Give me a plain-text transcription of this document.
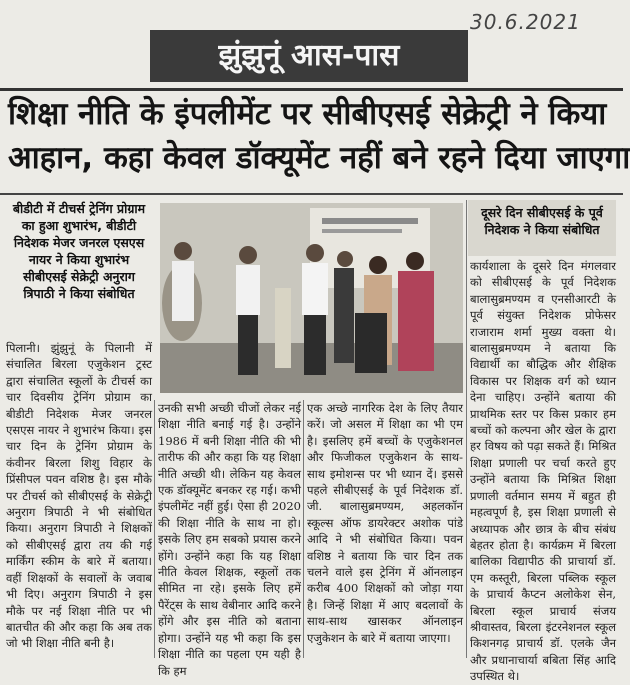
30.6.2021
झुंझुनूं आस-पास
शिक्षा नीति के इंपलीमेंट पर सीबीएसई सेक्रेट्री ने किया
आहान, कहा केवल डॉक्यूमेंट नहीं बने रहने दिया जाएगा
बीडीटी में टीचर्स ट्रेनिंग प्रोग्राम का हुआ शुभारंभ, बीडीटी निदेशक मेजर जनरल एसएस नायर ने किया शुभारंभ सीबीएसई सेक्रेट्री अनुराग त्रिपाठी ने किया संबोधित
दूसरे दिन सीबीएसई के पूर्व निदेशक ने किया संबोधित
पिलानी। झुंझुनूं के पिलानी में संचालित बिरला एजुकेशन ट्रस्ट द्वारा संचालित स्कूलों के टीचर्स का चार दिवसीय ट्रेनिंग प्रोग्राम का बीडीटी निदेशक मेजर जनरल एसएस नायर ने शुभारंभ किया। इस चार दिन के ट्रेनिंग प्रोग्राम के कंवीनर बिरला शिशु विहार के प्रिंसीपल पवन वशिष्ठ है। इस मौके पर टीचर्स को सीबीएसई के सेक्रेट्री अनुराग त्रिपाठी ने भी संबोधित किया। अनुराग त्रिपाठी ने शिक्षकों को सीबीएसई द्वारा तय की गई मार्किंग स्कीम के बारे में बताया। वहीं शिक्षकों के सवालों के जवाब भी दिए। अनुराग त्रिपाठी ने इस मौके पर नई शिक्षा नीति पर भी बातचीत की और कहा कि अब तक जो भी शिक्षा नीति बनी है।
उनकी सभी अच्छी चीजों लेकर नई शिक्षा नीति बनाई गई है। उन्होंने 1986 में बनी शिक्षा नीति की भी तारीफ की और कहा कि यह शिक्षा नीति अच्छी थी। लेकिन यह केवल एक डॉक्यूमेंट बनकर रह गई। कभी इंपलीमेंट नहीं हुई। ऐसा ही 2020 की शिक्षा नीति के साथ ना हो। इसके लिए हम सबको प्रयास करने होंगे। उन्होंने कहा कि यह शिक्षा नीति केवल शिक्षक, स्कूलों तक सीमित ना रहे। इसके लिए हमें पैरेंट्स के साथ वेबीनार आदि करने होंगे और इस नीति को बताना होगा। उन्होंने यह भी कहा कि इस शिक्षा नीति का पहला एम यही है कि हम
एक अच्छे नागरिक देश के लिए तैयार करें। जो असल में शिक्षा का भी एम है। इसलिए हमें बच्चों के एजुकेशनल और फिजीकल एजुकेशन के साथ-साथ इमोशन्स पर भी ध्यान दें। इससे पहले सीबीएसई के पूर्व निदेशक डॉ. जी. बालासुब्रमण्यम, अहलकॉन स्कूल्स ऑफ डायरेक्टर अशोक पांडे आदि ने भी संबोधित किया। पवन वशिष्ठ ने बताया कि चार दिन तक चलने वाले इस ट्रेनिंग में ऑनलाइन करीब 400 शिक्षकों को जोड़ा गया है। जिन्हें शिक्षा में आए बदलावों के साथ-साथ खासकर ऑनलाइन एजुकेशन के बारे में बताया जाएगा।
कार्यशाला के दूसरे दिन मंगलवार को सीबीएसई के पूर्व निदेशक बालासुब्रमण्यम व एनसीआरटी के पूर्व संयुक्त निदेशक प्रोफेसर राजाराम शर्मा मुख्य वक्ता थे। बालासुब्रमण्यम ने बताया कि विद्यार्थी का बौद्धिक और शैक्षिक विकास पर शिक्षक वर्ग को ध्यान देना चाहिए। उन्होंने बताया की प्राथमिक स्तर पर किस प्रकार हम बच्चों को कल्पना और खेल के द्वारा हर विषय को पढ़ा सकते हैं। मिश्रित शिक्षा प्रणाली पर चर्चा करते हुए उन्होंने बताया कि मिश्रित शिक्षा प्रणाली वर्तमान समय में बहुत ही महत्वपूर्ण है, इस शिक्षा प्रणाली से अध्यापक और छात्र के बीच संबंध बेहतर होता है। कार्यक्रम में बिरला बालिका विद्यापीठ की प्राचार्या डॉ. एम कस्तूरी, बिरला पब्लिक स्कूल के प्राचार्य कैप्टन अलोकेश सेन, बिरला स्कूल प्राचार्य संजय श्रीवास्तव, बिरला इंटरनेशनल स्कूल किशनगढ़ प्राचार्य डॉ. एलके जैन और प्रधानाचार्या बबिता सिंह आदि उपस्थित थे।
